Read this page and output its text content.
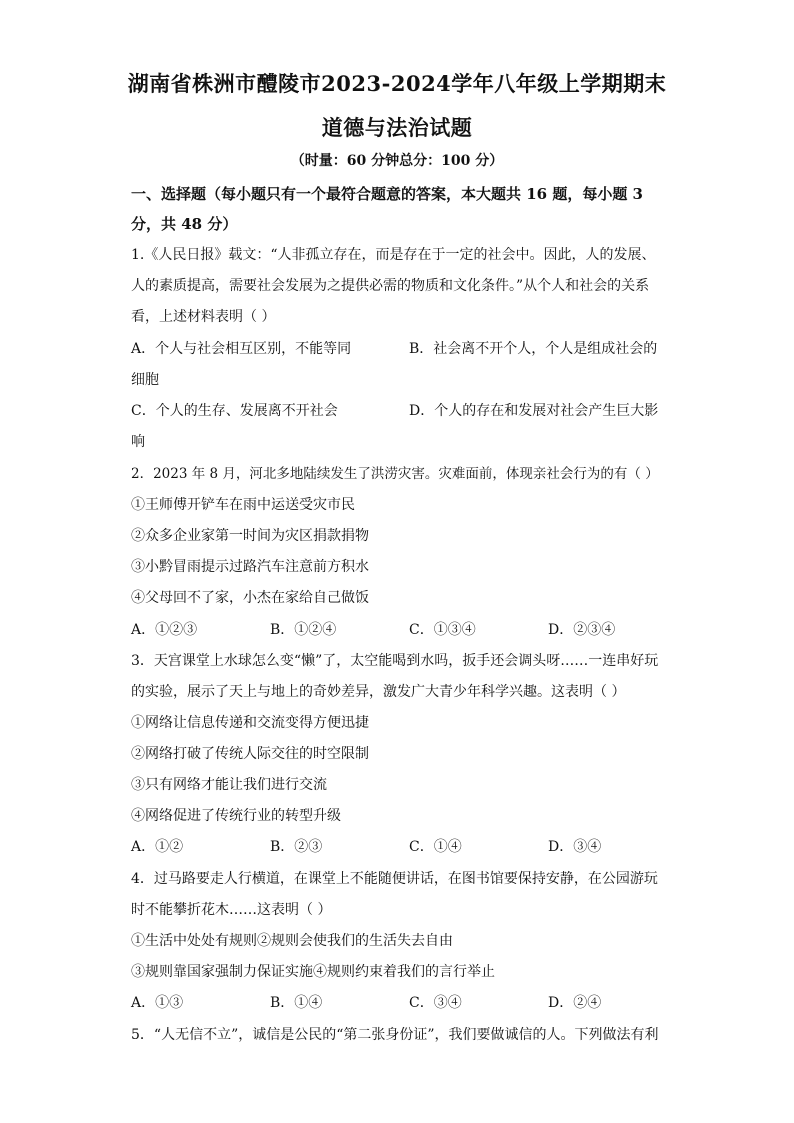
湖南省株洲市醴陵市2023-2024学年八年级上学期期末
道德与法治试题
（时量：60 分钟总分：100 分）
一、选择题（每小题只有一个最符合题意的答案，本大题共 16 题，每小题 3
分，共 48 分）
1.《人民日报》载文：“人非孤立存在，而是存在于一定的社会中。因此，人的发展、
人的素质提高，需要社会发展为之提供必需的物质和文化条件。”从个人和社会的关系
看，上述材料表明（ ）
A．个人与社会相互区别，不能等同	B．社会离不开个人，个人是组成社会的
细胞
C．个人的生存、发展离不开社会	D．个人的存在和发展对社会产生巨大影
响
2．2023 年 8 月，河北多地陆续发生了洪涝灾害。灾难面前，体现亲社会行为的有（ ）
①王师傅开铲车在雨中运送受灾市民
②众多企业家第一时间为灾区捐款捐物
③小黔冒雨提示过路汽车注意前方积水
④父母回不了家，小杰在家给自己做饭
A．①②③	B．①②④	C．①③④	D．②③④
3．天宫课堂上水球怎么变“懒”了，太空能喝到水吗，扳手还会调头呀……一连串好玩
的实验，展示了天上与地上的奇妙差异，激发广大青少年科学兴趣。这表明（ ）
①网络让信息传递和交流变得方便迅捷
②网络打破了传统人际交往的时空限制
③只有网络才能让我们进行交流
④网络促进了传统行业的转型升级
A．①②	B．②③	C．①④	D．③④
4．过马路要走人行横道，在课堂上不能随便讲话，在图书馆要保持安静，在公园游玩
时不能攀折花木……这表明（ ）
①生活中处处有规则②规则会使我们的生活失去自由
③规则靠国家强制力保证实施④规则约束着我们的言行举止
A．①③	B．①④	C．③④	D．②④
5．“人无信不立”，诚信是公民的“第二张身份证”，我们要做诚信的人。下列做法有利
